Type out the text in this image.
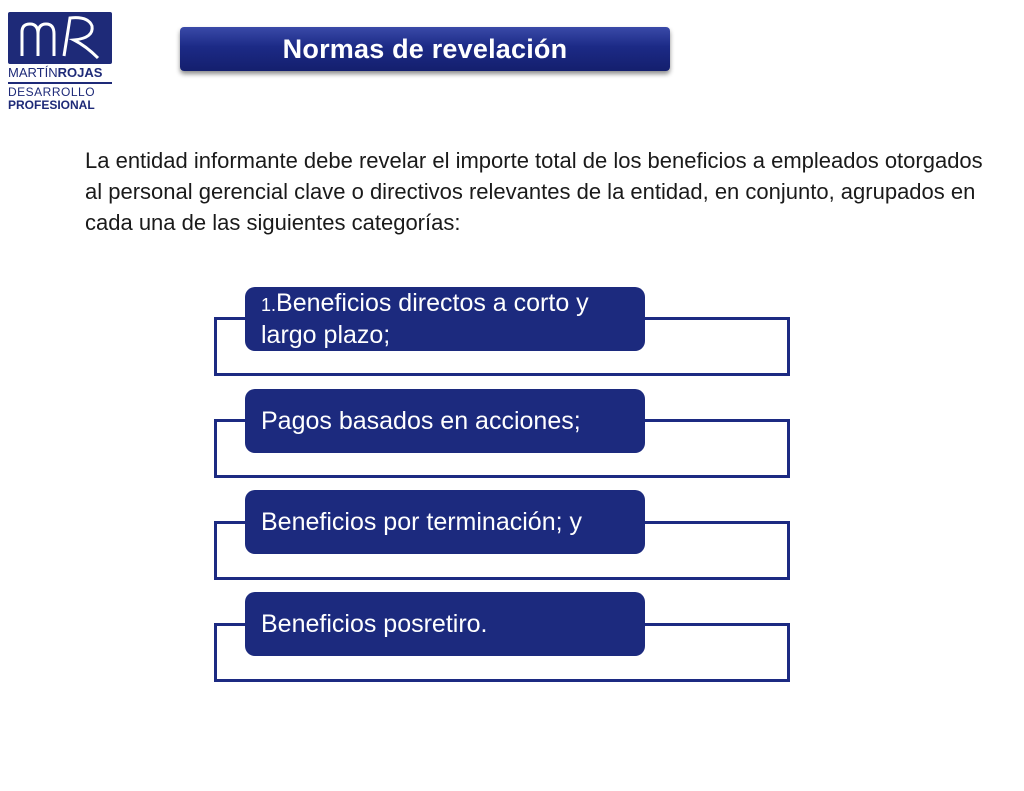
MARTÍNROJAS
DESARROLLO
PROFESIONAL
Normas de revelación
La entidad informante debe revelar el importe total de los beneficios a empleados otorgados al personal gerencial clave o directivos relevantes de la entidad, en conjunto, agrupados en cada una de las siguientes categorías:
1.Beneficios directos a corto y largo plazo;
Pagos basados en acciones;
Beneficios por terminación; y
Beneficios posretiro.
